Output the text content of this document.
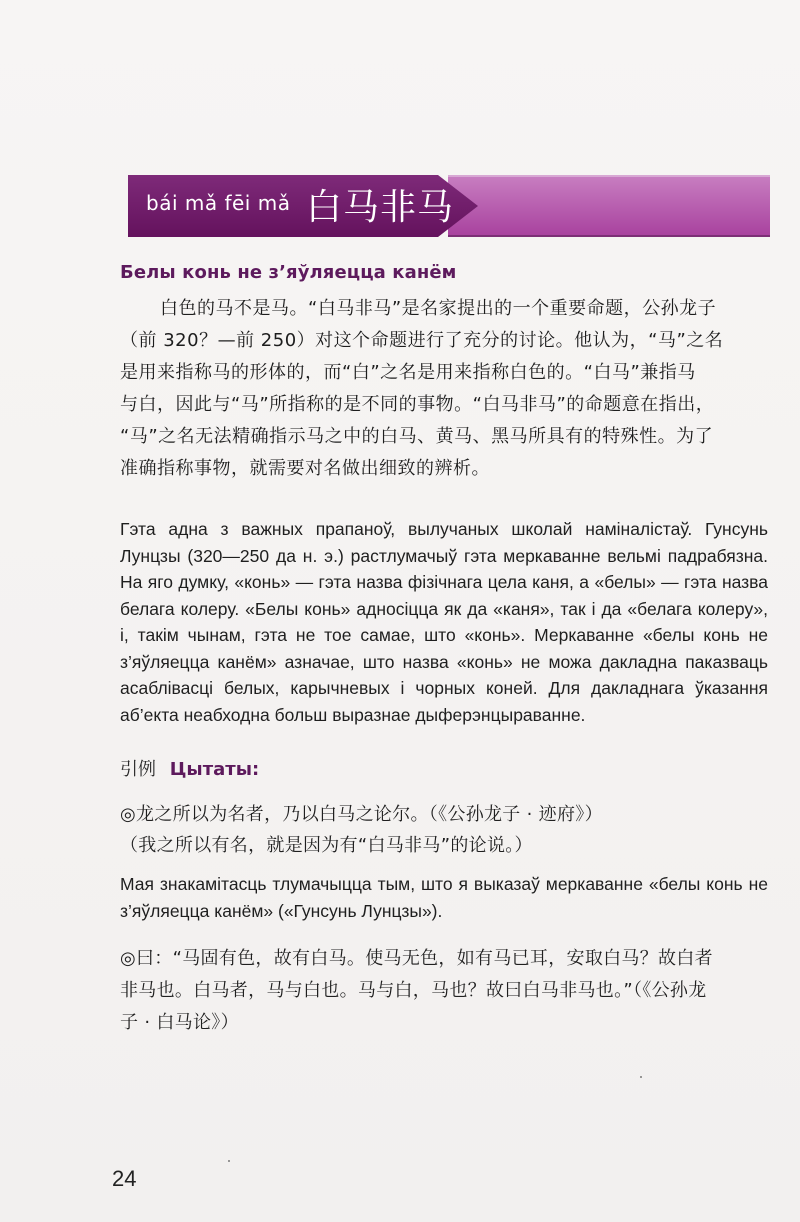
bái mǎ fēi mǎ 白马非马
Белы конь не з’яўляецца канём
白色的马不是马。“白马非马”是名家提出的一个重要命题，公孙龙子
（前 320？—前 250）对这个命题进行了充分的讨论。他认为，“马”之名
是用来指称马的形体的，而“白”之名是用来指称白色的。“白马”兼指马
与白，因此与“马”所指称的是不同的事物。“白马非马”的命题意在指出，
“马”之名无法精确指示马之中的白马、黄马、黑马所具有的特殊性。为了
准确指称事物，就需要对名做出细致的辨析。
Гэта адна з важных прапаноў, вылучаных школай наміналістаў. Гунсунь Лунцзы (320—250 да н. э.) растлумачыў гэта меркаванне вельмі падрабязна. На яго думку, «конь» — гэта назва фізічнага цела каня, а «белы» — гэта назва белага колеру. «Белы конь» адносіцца як да «каня», так і да «белага колеру», і, такім чынам, гэта не тое самае, што «конь». Меркаванне «белы конь не з’яўляецца канём» азначае, што назва «конь» не можа дакладна паказваць асаблівасці белых, карычневых і чорных коней. Для дакладнага ўказання аб’екта неабходна больш выразнае дыферэнцыраванне.
引例 Цытаты:
◎龙之所以为名者，乃以白马之论尔。（《公孙龙子 · 迹府》）
（我之所以有名，就是因为有“白马非马”的论说。）
Мая знакамітасць тлумачыцца тым, што я выказаў меркаванне «белы конь не з’яўляецца канём» («Гунсунь Лунцзы»).
◎曰：“马固有色，故有白马。使马无色，如有马已耳，安取白马？故白者
非马也。白马者，马与白也。马与白，马也？故曰白马非马也。”（《公孙龙
子 · 白马论》）
24
